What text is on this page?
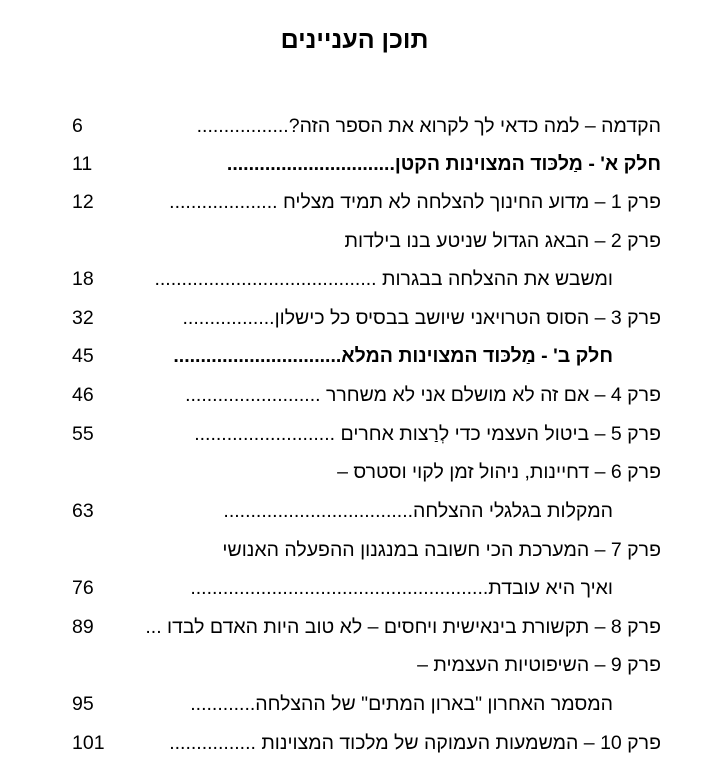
תוכן העניינים
הקדמה – למה כדאי לך לקרוא את הספר הזה?.................
6
חלק א' - מַלכּוד המצוינות הקטן...............................
11
פרק 1 – מדוע החינוך להצלחה לא תמיד מצליח ....................
12
פרק 2 – הבאג הגדול שניטע בנו בילדות
ומשבש את ההצלחה בבגרות .........................................
18
פרק 3 – הסוס הטרויאני שיושב בבסיס כל כישלון.................
32
חלק ב' - מַלכּוד המצוינות המלא...............................
45
פרק 4 – אם זה לא מושלם אני לא משחרר .........................
46
פרק 5 – ביטול העצמי כדי לְרַצות אחרים ..........................
55
פרק 6 – דחיינות, ניהול זמן לקוי וסטרס –
המקלות בגלגלי ההצלחה...................................
63
פרק 7 – המערכת הכי חשובה במנגנון ההפעלה האנושי
ואיך היא עובדת.......................................................
76
פרק 8 – תקשורת בינאישית ויחסים – לא טוב היות האדם לבדו ...
89
פרק 9 – השיפוטיות העצמית –
המסמר האחרון "בארון המתים" של ההצלחה............
95
פרק 10 – המשמעות העמוקה של מלכוד המצוינות ................
101
